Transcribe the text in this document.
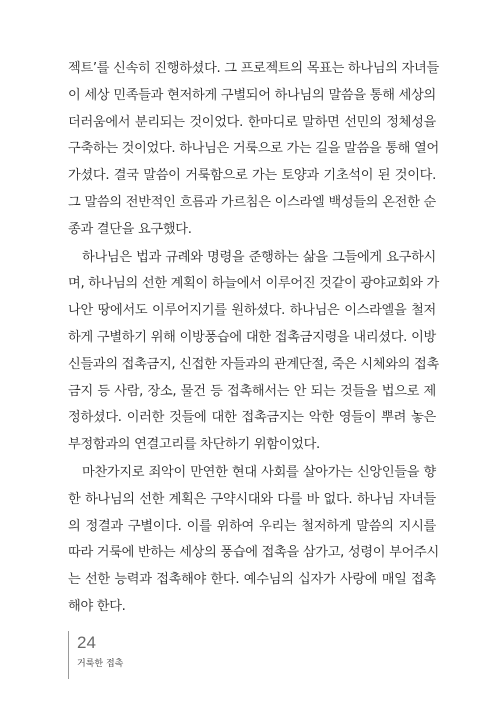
젝트’를 신속히 진행하셨다. 그 프로젝트의 목표는 하나님의 자녀들
이 세상 민족들과 현저하게 구별되어 하나님의 말씀을 통해 세상의
더러움에서 분리되는 것이었다. 한마디로 말하면 선민의 정체성을
구축하는 것이었다. 하나님은 거룩으로 가는 길을 말씀을 통해 열어
가셨다. 결국 말씀이 거룩함으로 가는 토양과 기초석이 된 것이다.
그 말씀의 전반적인 흐름과 가르침은 이스라엘 백성들의 온전한 순
종과 결단을 요구했다.
하나님은 법과 규례와 명령을 준행하는 삶을 그들에게 요구하시
며, 하나님의 선한 계획이 하늘에서 이루어진 것같이 광야교회와 가
나안 땅에서도 이루어지기를 원하셨다. 하나님은 이스라엘을 철저
하게 구별하기 위해 이방풍습에 대한 접촉금지령을 내리셨다. 이방
신들과의 접촉금지, 신접한 자들과의 관계단절, 죽은 시체와의 접촉
금지 등 사람, 장소, 물건 등 접촉해서는 안 되는 것들을 법으로 제
정하셨다. 이러한 것들에 대한 접촉금지는 악한 영들이 뿌려 놓은
부정함과의 연결고리를 차단하기 위함이었다.
마찬가지로 죄악이 만연한 현대 사회를 살아가는 신앙인들을 향
한 하나님의 선한 계획은 구약시대와 다를 바 없다. 하나님 자녀들
의 정결과 구별이다. 이를 위하여 우리는 철저하게 말씀의 지시를
따라 거룩에 반하는 세상의 풍습에 접촉을 삼가고, 성령이 부어주시
는 선한 능력과 접촉해야 한다. 예수님의 십자가 사랑에 매일 접촉
해야 한다.
24
거룩한 접촉
